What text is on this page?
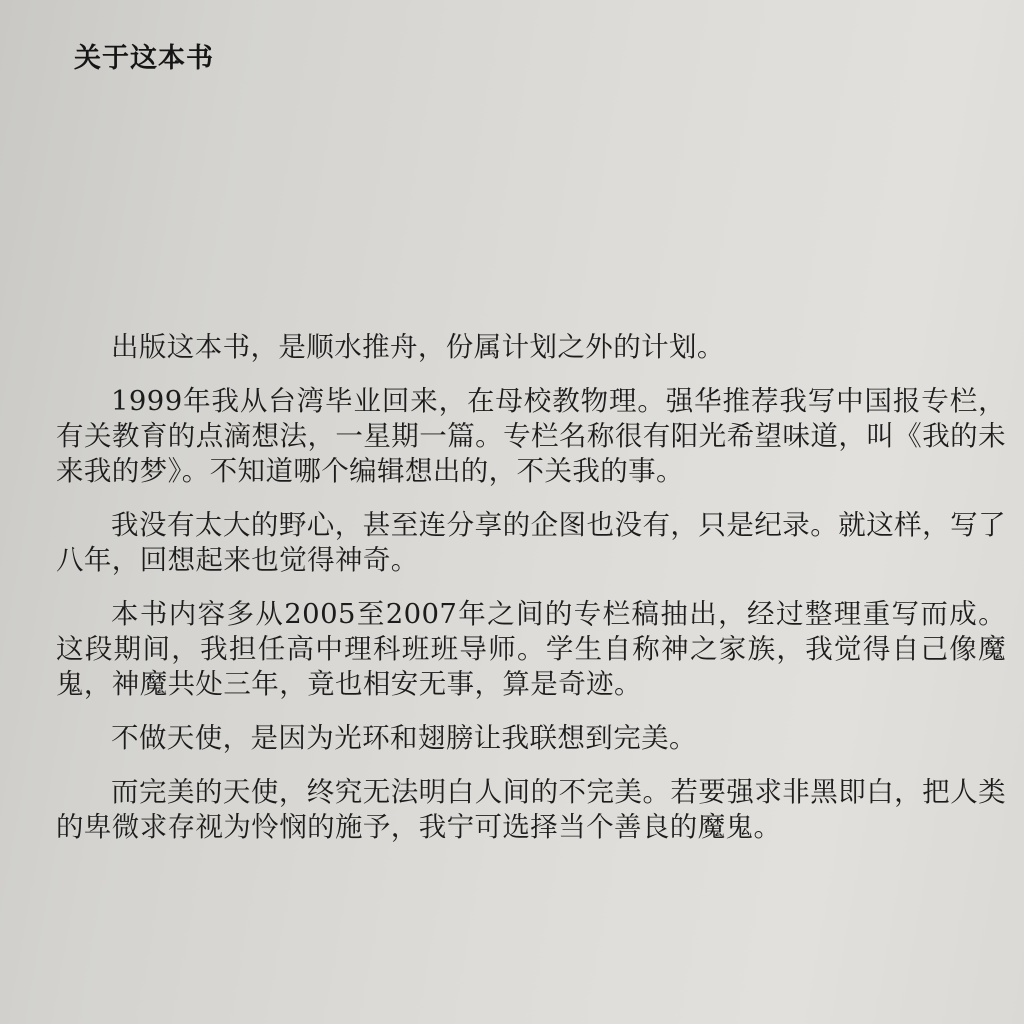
关于这本书

出版这本书，是顺水推舟，份属计划之外的计划。

1999年我从台湾毕业回来，在母校教物理。强华推荐我写中国报专栏，有关教育的点滴想法，一星期一篇。专栏名称很有阳光希望味道，叫《我的未来我的梦》。不知道哪个编辑想出的，不关我的事。

我没有太大的野心，甚至连分享的企图也没有，只是纪录。就这样，写了八年，回想起来也觉得神奇。

本书内容多从2005至2007年之间的专栏稿抽出，经过整理重写而成。这段期间，我担任高中理科班班导师。学生自称神之家族，我觉得自己像魔鬼，神魔共处三年，竟也相安无事，算是奇迹。

不做天使，是因为光环和翅膀让我联想到完美。

而完美的天使，终究无法明白人间的不完美。若要强求非黑即白，把人类的卑微求存视为怜悯的施予，我宁可选择当个善良的魔鬼。
